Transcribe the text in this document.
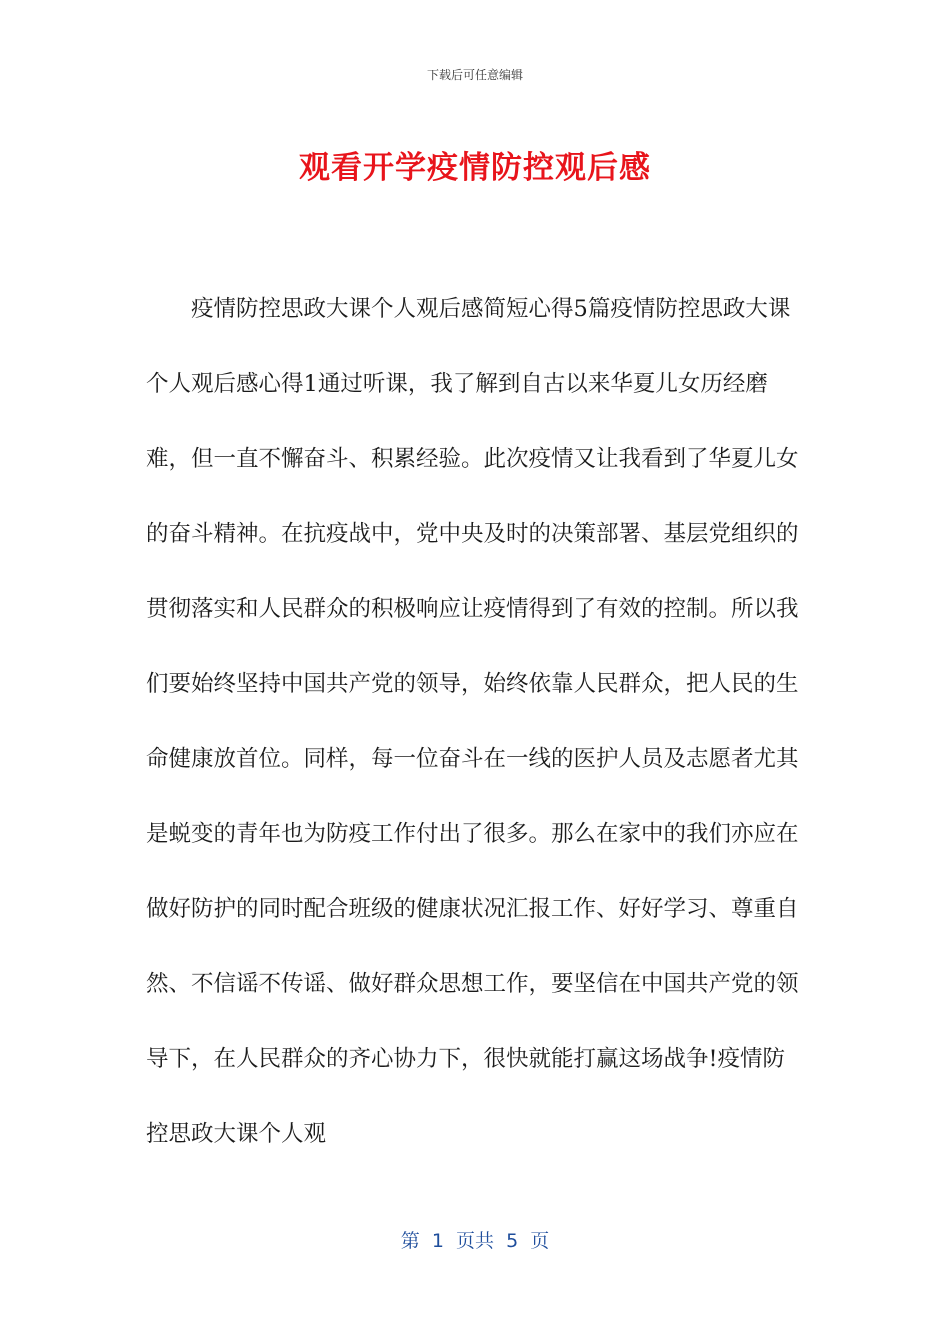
下载后可任意编辑
观看开学疫情防控观后感

疫情防控思政大课个人观后感简短心得5篇疫情防控思政大课个人观后感心得1通过听课，我了解到自古以来华夏儿女历经磨难，但一直不懈奋斗、积累经验。此次疫情又让我看到了华夏儿女的奋斗精神。在抗疫战中，党中央及时的决策部署、基层党组织的贯彻落实和人民群众的积极响应让疫情得到了有效的控制。所以我们要始终坚持中国共产党的领导，始终依靠人民群众，把人民的生命健康放首位。同样，每一位奋斗在一线的医护人员及志愿者尤其是蜕变的青年也为防疫工作付出了很多。那么在家中的我们亦应在做好防护的同时配合班级的健康状况汇报工作、好好学习、尊重自然、不信谣不传谣、做好群众思想工作，要坚信在中国共产党的领导下，在人民群众的齐心协力下，很快就能打赢这场战争!疫情防控思政大课个人观

第  1  页共  5  页
